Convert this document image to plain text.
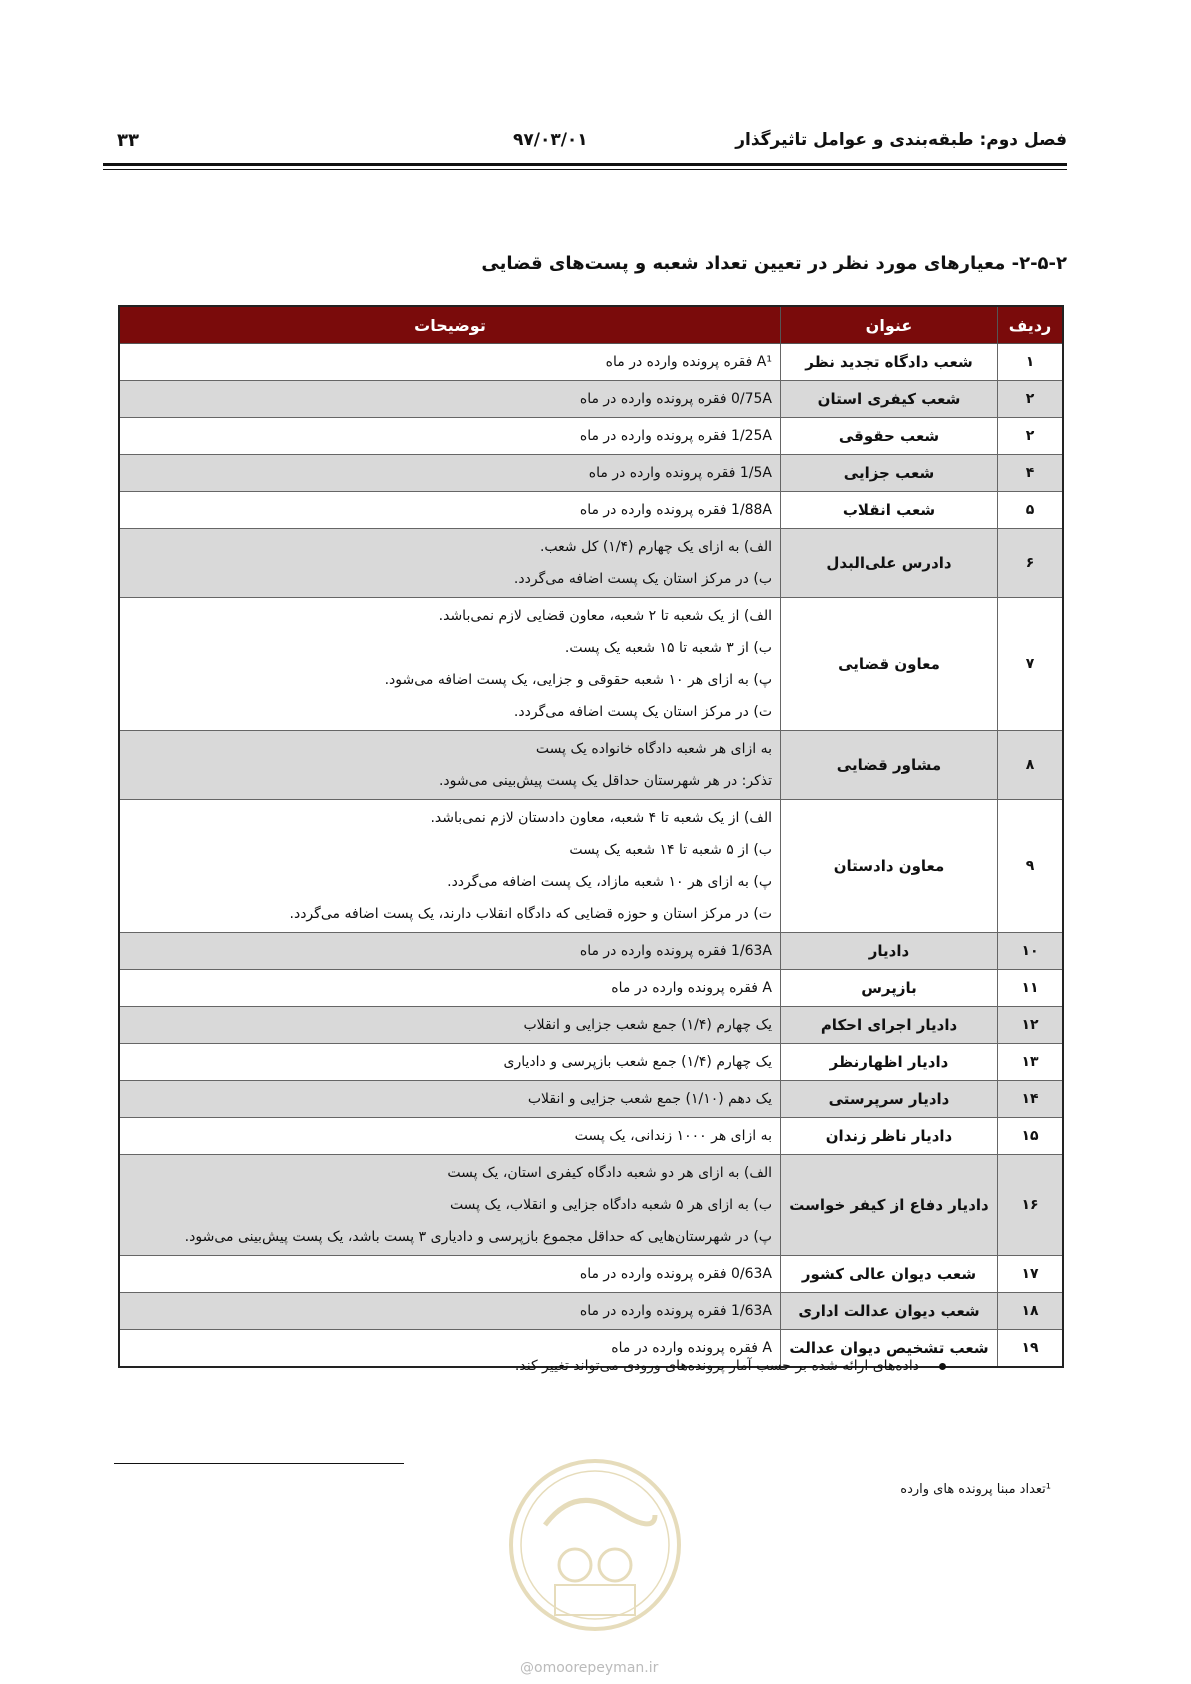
فصل دوم: طبقه‌بندی و عوامل تاثیرگذار
۹۷/۰۳/۰۱
۳۳
۲-۵-۲- معیارهای مورد نظر در تعیین تعداد شعبه و پست‌های قضایی
ردیف	عنوان	توضیحات
۱	شعب دادگاه تجدید نظر	A¹ فقره پرونده وارده در ماه

۲	شعب کیفری استان	0/75A فقره پرونده وارده در ماه

۲	شعب حقوقی	1/25A فقره پرونده وارده در ماه

۴	شعب جزایی	1/5A فقره پرونده وارده در ماه

۵	شعب انقلاب	1/88A فقره پرونده وارده در ماه

۶	دادرس علی‌البدل	الف) به ازای یک چهارم (۱/۴) کل شعب.
ب) در مرکز استان یک پست اضافه می‌گردد.

۷	معاون قضایی	الف) از یک شعبه تا ۲ شعبه، معاون قضایی لازم نمی‌باشد.
ب) از ۳ شعبه تا ۱۵ شعبه یک پست.
پ) به ازای هر ۱۰ شعبه حقوقی و جزایی، یک پست اضافه می‌شود.
ت) در مرکز استان یک پست اضافه می‌گردد.

۸	مشاور قضایی	به ازای هر شعبه دادگاه خانواده یک پست
تذکر: در هر شهرستان حداقل یک پست پیش‌بینی می‌شود.

۹	معاون دادستان	الف) از یک شعبه تا ۴ شعبه، معاون دادستان لازم نمی‌باشد.
ب) از ۵ شعبه تا ۱۴ شعبه یک پست
پ) به ازای هر ۱۰ شعبه مازاد، یک پست اضافه می‌گردد.
ت) در مرکز استان و حوزه قضایی که دادگاه انقلاب دارند، یک پست اضافه می‌گردد.

۱۰	دادیار	1/63A فقره پرونده وارده در ماه

۱۱	بازپرس	A فقره پرونده وارده در ماه

۱۲	دادیار اجرای احکام	یک چهارم (۱/۴) جمع شعب جزایی و انقلاب

۱۳	دادیار اظهارنظر	یک چهارم (۱/۴) جمع شعب بازپرسی و دادیاری

۱۴	دادیار سرپرستی	یک دهم (۱/۱۰) جمع شعب جزایی و انقلاب

۱۵	دادیار ناظر زندان	به ازای هر ۱۰۰۰ زندانی، یک پست

۱۶	دادیار دفاع از کیفر خواست	الف) به ازای هر دو شعبه دادگاه کیفری استان، یک پست
ب) به ازای هر ۵ شعبه دادگاه جزایی و انقلاب، یک پست
پ) در شهرستان‌هایی که حداقل مجموع بازپرسی و دادیاری ۳ پست باشد، یک پست پیش‌بینی می‌شود.

۱۷	شعب دیوان عالی کشور	0/63A فقره پرونده وارده در ماه

۱۸	شعب دیوان عدالت اداری	1/63A فقره پرونده وارده در ماه

۱۹	شعب تشخیص دیوان عدالت	A فقره پرونده وارده در ماه
داده‌های ارائه شده بر حسب آمار پرونده‌های ورودی می‌تواند تغییر کند.
¹تعداد مبنا پرونده های وارده
@omoorepeyman.ir
